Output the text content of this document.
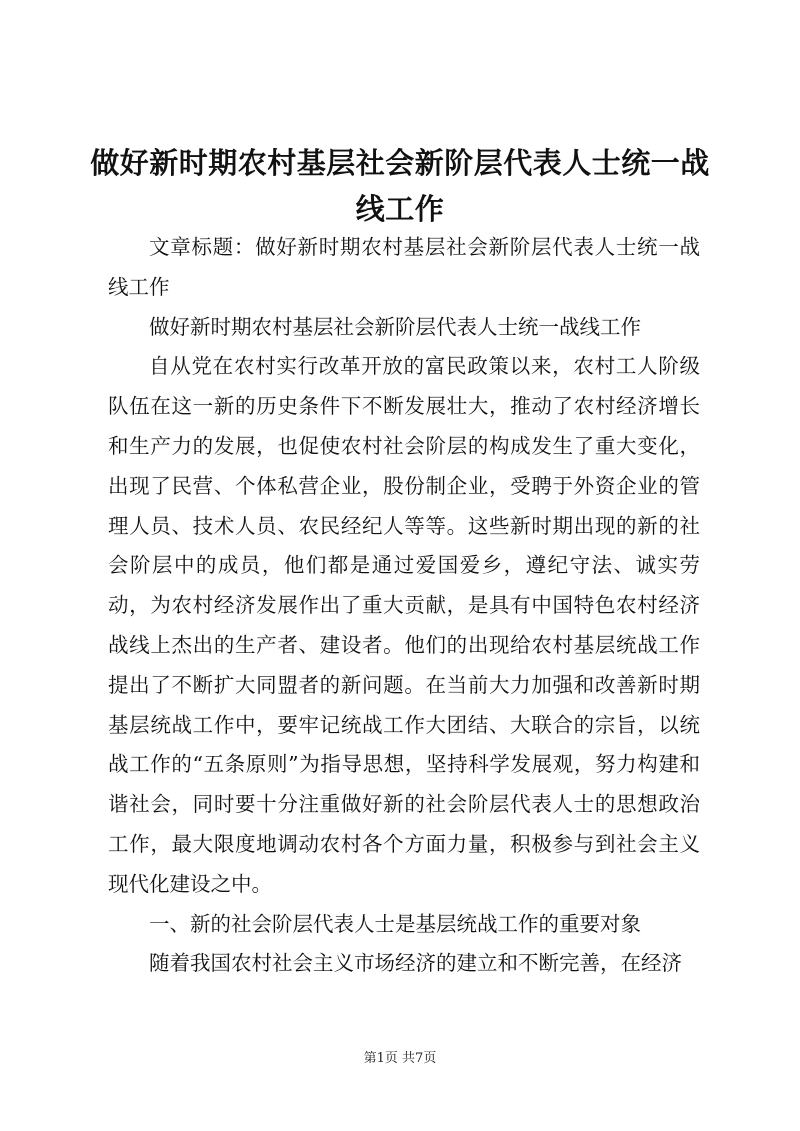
做好新时期农村基层社会新阶层代表人士统一战线工作

文章标题：做好新时期农村基层社会新阶层代表人士统一战线工作

做好新时期农村基层社会新阶层代表人士统一战线工作

自从党在农村实行改革开放的富民政策以来，农村工人阶级队伍在这一新的历史条件下不断发展壮大，推动了农村经济增长和生产力的发展，也促使农村社会阶层的构成发生了重大变化，出现了民营、个体私营企业，股份制企业，受聘于外资企业的管理人员、技术人员、农民经纪人等等。这些新时期出现的新的社会阶层中的成员，他们都是通过爱国爱乡，遵纪守法、诚实劳动，为农村经济发展作出了重大贡献，是具有中国特色农村经济战线上杰出的生产者、建设者。他们的出现给农村基层统战工作提出了不断扩大同盟者的新问题。在当前大力加强和改善新时期基层统战工作中，要牢记统战工作大团结、大联合的宗旨，以统战工作的“五条原则”为指导思想，坚持科学发展观，努力构建和谐社会，同时要十分注重做好新的社会阶层代表人士的思想政治工作，最大限度地调动农村各个方面力量，积极参与到社会主义现代化建设之中。

一、新的社会阶层代表人士是基层统战工作的重要对象

随着我国农村社会主义市场经济的建立和不断完善，在经济

第1页 共7页
